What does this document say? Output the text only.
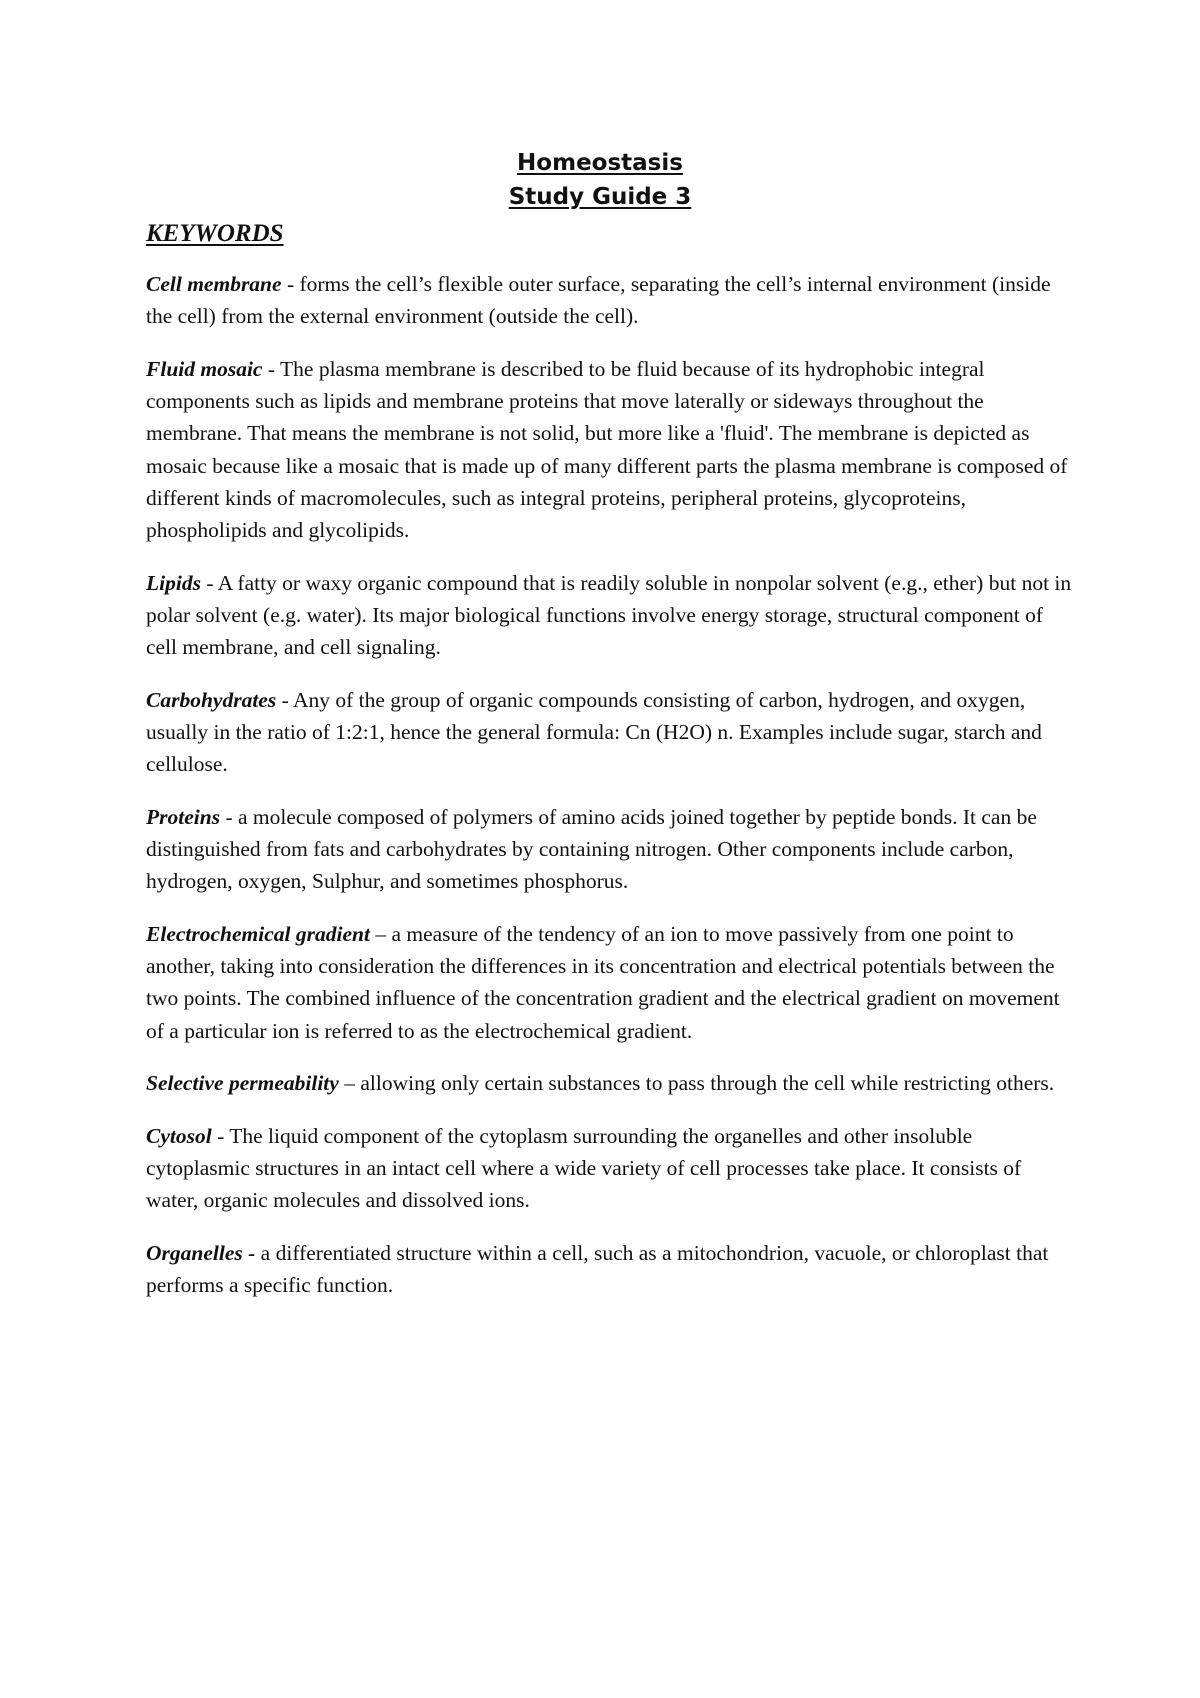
Homeostasis
Study Guide 3
KEYWORDS
Cell membrane - forms the cell’s flexible outer surface, separating the cell’s internal environment (inside the cell) from the external environment (outside the cell).
Fluid mosaic - The plasma membrane is described to be fluid because of its hydrophobic integral components such as lipids and membrane proteins that move laterally or sideways throughout the membrane. That means the membrane is not solid, but more like a 'fluid'. The membrane is depicted as mosaic because like a mosaic that is made up of many different parts the plasma membrane is composed of different kinds of macromolecules, such as integral proteins, peripheral proteins, glycoproteins, phospholipids and glycolipids.
Lipids - A fatty or waxy organic compound that is readily soluble in nonpolar solvent (e.g., ether) but not in polar solvent (e.g. water). Its major biological functions involve energy storage, structural component of cell membrane, and cell signaling.
Carbohydrates - Any of the group of organic compounds consisting of carbon, hydrogen, and oxygen, usually in the ratio of 1:2:1, hence the general formula: Cn (H2O) n. Examples include sugar, starch and cellulose.
Proteins - a molecule composed of polymers of amino acids joined together by peptide bonds. It can be distinguished from fats and carbohydrates by containing nitrogen. Other components include carbon, hydrogen, oxygen, Sulphur, and sometimes phosphorus.
Electrochemical gradient – a measure of the tendency of an ion to move passively from one point to another, taking into consideration the differences in its concentration and electrical potentials between the two points. The combined influence of the concentration gradient and the electrical gradient on movement of a particular ion is referred to as the electrochemical gradient.
Selective permeability – allowing only certain substances to pass through the cell while restricting others.
Cytosol - The liquid component of the cytoplasm surrounding the organelles and other insoluble cytoplasmic structures in an intact cell where a wide variety of cell processes take place. It consists of water, organic molecules and dissolved ions.
Organelles - a differentiated structure within a cell, such as a mitochondrion, vacuole, or chloroplast that performs a specific function.
